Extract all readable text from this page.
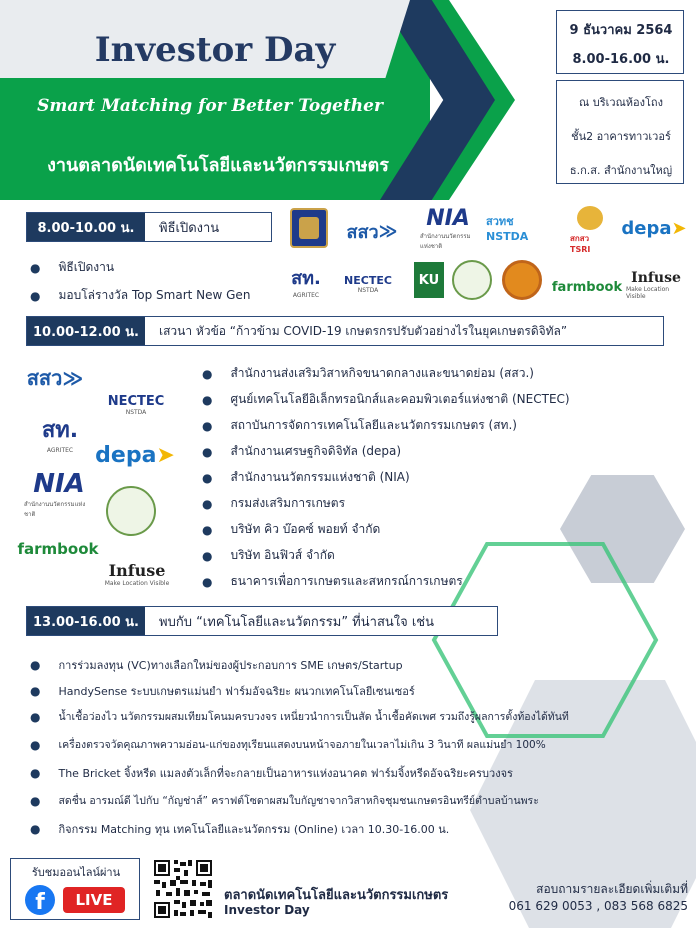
Investor Day
Smart Matching for Better Together
งานตลาดนัดเทคโนโลยีและนวัตกรรมเกษตร
9 ธันวาคม 2564
8.00-16.00 น.
ณ บริเวณห้องโถง
ชั้น2 อาคารทาวเวอร์
ธ.ก.ส. สำนักงานใหญ่
8.00-10.00 น.	พิธีเปิดงาน
● พิธีเปิดงาน
● มอบโล่รางวัล Top Smart New Gen
สสว ≫
NIA
สำนักงานนวัตกรรมแห่งชาติ
สวทช NSTDA	สกสว TSRI
depa ➤
สท.
AGRITEC
NECTEC
NSTDA
KU	farmbook
Infuse
Make Location Visible
10.00-12.00 น.	เสวนา หัวข้อ “ก้าวข้าม COVID-19 เกษตรกรปรับตัวอย่างไรในยุคเกษตรดิจิทัล”
สสว ≫
NECTEC
NSTDA
สท.
AGRITEC depa ➤
NIA
สำนักงานนวัตกรรมแห่งชาติ
farmbook
Infuse
Make Location Visible
● สำนักงานส่งเสริมวิสาหกิจขนาดกลางและขนาดย่อม (สสว.)
● ศูนย์เทคโนโลยีอิเล็กทรอนิกส์และคอมพิวเตอร์แห่งชาติ (NECTEC)
● สถาบันการจัดการเทคโนโลยีและนวัตกรรมเกษตร (สท.)
● สำนักงานเศรษฐกิจดิจิทัล (depa)
● สำนักงานนวัตกรรมแห่งชาติ (NIA)
● กรมส่งเสริมการเกษตร
● บริษัท คิว บ๊อคซ์ พอยท์ จำกัด
● บริษัท อินฟิวส์ จำกัด
● ธนาคารเพื่อการเกษตรและสหกรณ์การเกษตร
13.00-16.00 น.	พบกับ “เทคโนโลยีและนวัตกรรม” ที่น่าสนใจ เช่น
● การร่วมลงทุน (VC)ทางเลือกใหม่ของผู้ประกอบการ SME เกษตร/Startup
● HandySense ระบบเกษตรแม่นยำ ฟาร์มอัจฉริยะ ผนวกเทคโนโลยีเซนเซอร์
● น้ำเชื้อว่องไว นวัตกรรมผสมเทียมโคนมครบวงจร เหนี่ยวนำการเป็นสัด น้ำเชื้อคัดเพศ รวมถึงรู้ผลการตั้งท้องได้ทันที
● เครื่องตรวจวัดคุณภาพความอ่อน-แก่ของทุเรียนแสดงบนหน้าจอภายในเวลาไม่เกิน 3 วินาที ผลแม่นยำ 100%
● The Bricket จิ้งหรีด แมลงตัวเล็กที่จะกลายเป็นอาหารแห่งอนาคต ฟาร์มจิ้งหรีดอัจฉริยะครบวงจร
● สดชื่น อารมณ์ดี ไปกับ “กัญช่าส์” คราฟต์โซดาผสมใบกัญชาจากวิสาหกิจชุมชนเกษตรอินทรีย์ตำบลบ้านพระ
● กิจกรรม Matching ทุน เทคโนโลยีและนวัตกรรม (Online) เวลา 10.30-16.00 น.
รับชมออนไลน์ผ่าน
f	LIVE	ตลาดนัดเทคโนโลยีและนวัตกรรมเกษตร
Investor Day
สอบถามรายละเอียดเพิ่มเติมที่
061 629 0053 , 083 568 6825
